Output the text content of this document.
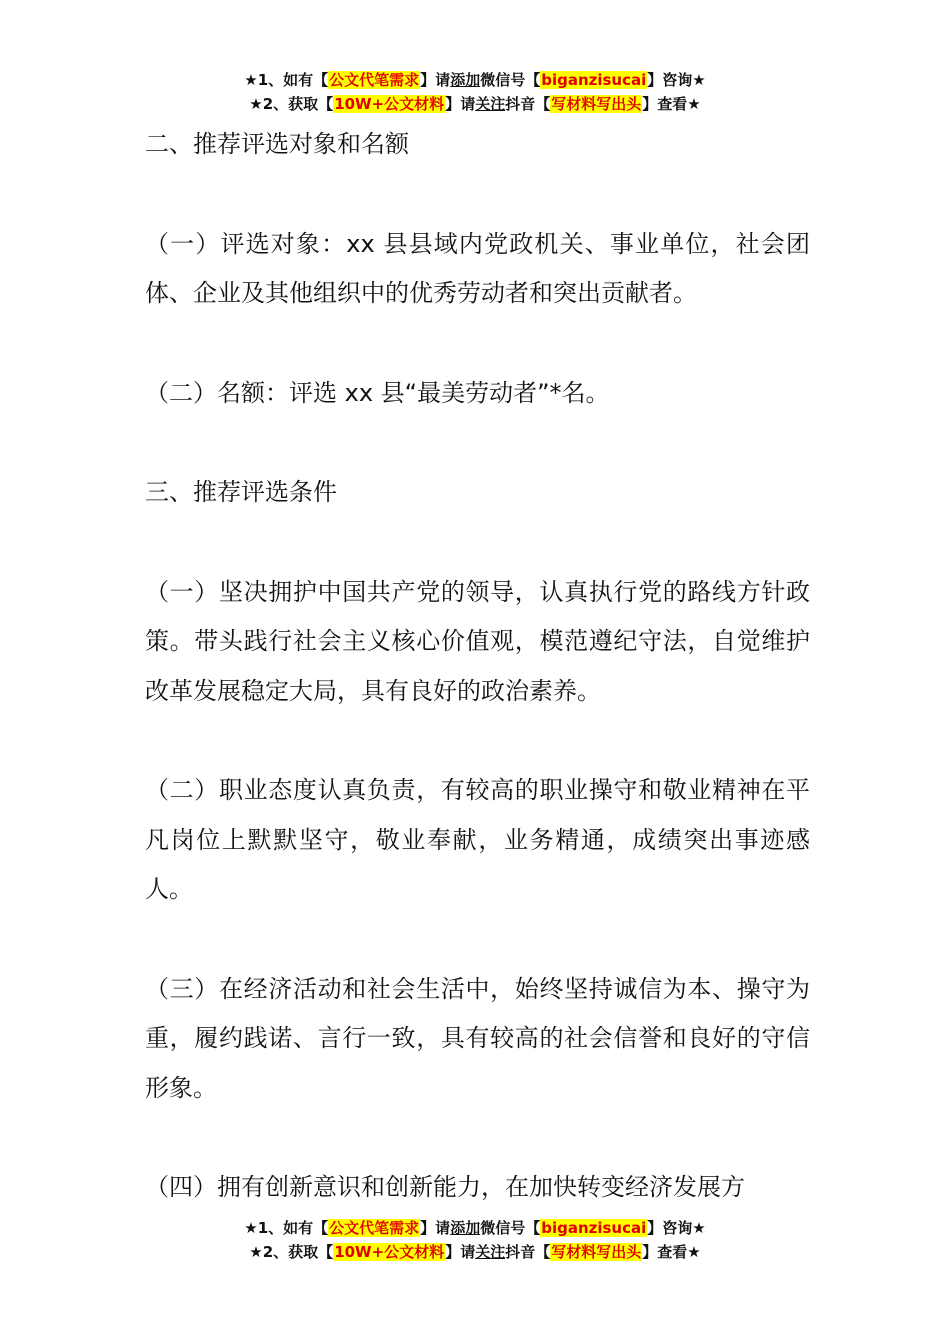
★1、如有【公文代笔需求】请添加微信号【biganzisucai】咨询★
★2、获取【10W+公文材料】请关注抖音【写材料写出头】查看★

二、推荐评选对象和名额

（一）评选对象：xx 县县域内党政机关、事业单位，社会团体、企业及其他组织中的优秀劳动者和突出贡献者。

（二）名额：评选 xx 县“最美劳动者”*名。

三、推荐评选条件

（一）坚决拥护中国共产党的领导，认真执行党的路线方针政策。带头践行社会主义核心价值观，模范遵纪守法，自觉维护改革发展稳定大局，具有良好的政治素养。

（二）职业态度认真负责，有较高的职业操守和敬业精神在平凡岗位上默默坚守，敬业奉献，业务精通，成绩突出事迹感人。

（三）在经济活动和社会生活中，始终坚持诚信为本、操守为重，履约践诺、言行一致，具有较高的社会信誉和良好的守信形象。

（四）拥有创新意识和创新能力，在加快转变经济发展方

★1、如有【公文代笔需求】请添加微信号【biganzisucai】咨询★
★2、获取【10W+公文材料】请关注抖音【写材料写出头】查看★
